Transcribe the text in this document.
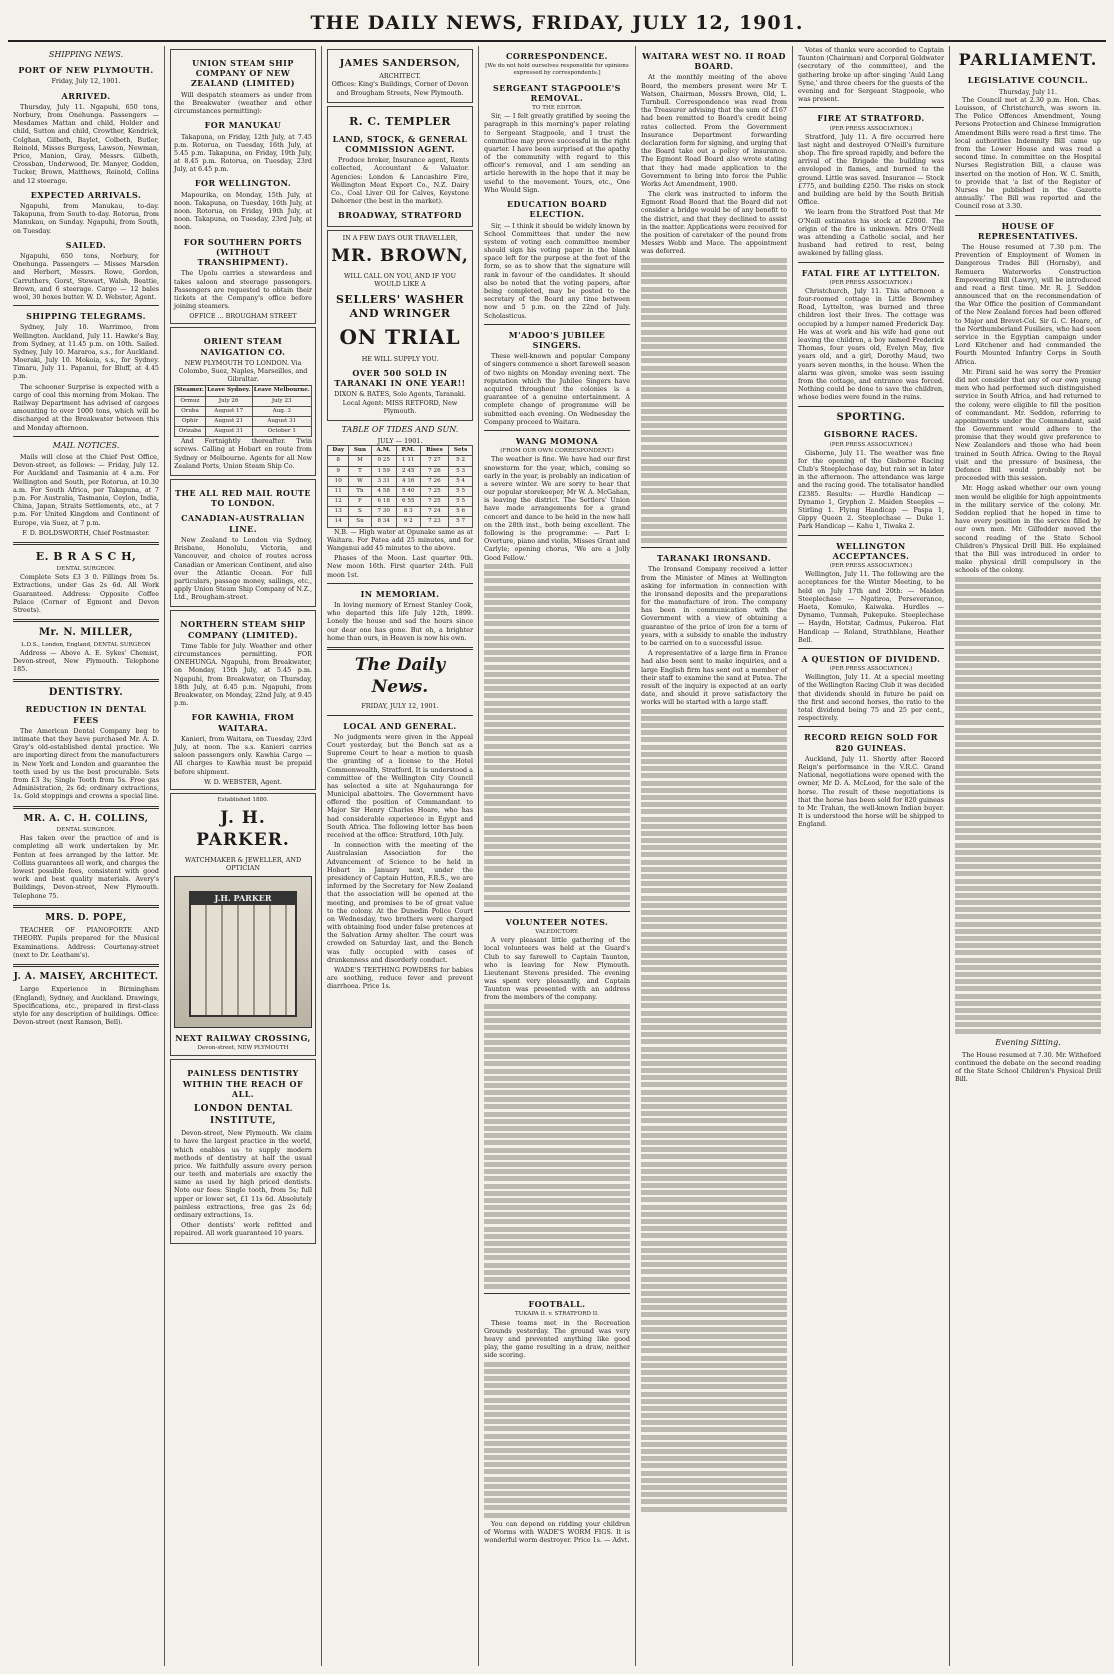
THE DAILY NEWS, FRIDAY, JULY 12, 1901.
SHIPPING NEWS.
PORT OF NEW PLYMOUTH.
Friday, July 12, 1901.
ARRIVED.

Thursday, July 11. Ngapuhi, 650 tons, Norbury, from Onehunga. Passengers — Mesdames Mattan and child, Holder and child, Sutton and child, Crowther, Kendrick, Colghan, Gilbeth, Baylet, Colbeth, Butler, Reinold, Misses Burgess, Lawson, Newman, Price, Manion, Gray, Messrs. Gilbeth, Crossban, Underwood, Dr. Manyer, Godden, Tucker, Brown, Matthews, Reinold, Collins and 12 steerage.

EXPECTED ARRIVALS.

Ngapuhi, from Manukau, to-day. Takapuna, from South to-day. Rotorua, from Manukau, on Sunday. Ngapuhi, from South, on Tuesday.

SAILED.

Ngapuhi, 650 tons, Norbury, for Onehunga. Passengers — Misses Marsden and Herbert, Messrs. Rowe, Gordon, Carruthers, Gorst, Stewart, Walsh, Beattie, Brown, and 6 steerage. Cargo — 12 bales wool, 30 boxes butter. W. D. Webster, Agent.

SHIPPING TELEGRAMS.

Sydney, July 10. Warrimoo, from Wellington. Auckland, July 11. Hawke's Bay, from Sydney, at 11.45 p.m. on 10th. Sailed. Sydney, July 10. Mararoa, s.s., for Auckland. Moeraki, July 10. Mokoia, s.s., for Sydney. Timaru, July 11. Papanui, for Bluff, at 4.45 p.m.

The schooner Surprise is expected with a cargo of coal this morning from Mokau. The Railway Department has advised of cargoes amounting to over 1000 tons, which will be discharged at the Breakwater between this and Monday afternoon.

MAIL NOTICES.

Mails will close at the Chief Post Office, Devon-street, as follows: — Friday, July 12. For Auckland and Tasmania at 4 a.m. For Wellington and South, per Rotorua, at 10.30 a.m. For South Africa, per Takapuna, at 7 p.m. For Australia, Tasmania, Ceylon, India, China, Japan, Straits Settlements, etc., at 7 p.m. For United Kingdom and Continent of Europe, via Suez, at 7 p.m.

F. D. BOLDSWORTH, Chief Postmaster.
E. B R A S C H,
DENTAL SURGEON.

Complete Sets £3 3 0. Fillings from 5s. Extractions, under Gas 2s 6d. All Work Guaranteed. Address: Opposite Coffee Palace (Corner of Egmont and Devon Streets).

Mr. N. MILLER,
L.D.S., London, England, DENTAL SURGEON

Address — Above A. E. Sykes' Chemist, Devon-street, New Plymouth. Telephone 185.

DENTISTRY.
REDUCTION IN DENTAL FEES

The American Dental Company beg to intimate that they have purchased Mr. A. D. Gray's old-established dental practice. We are importing direct from the manufacturers in New York and London and guarantee the teeth used by us the best procurable. Sets from £3 3s; Single Tooth from 5s. Free gas Administration, 2s 6d; ordinary extractions, 1s. Gold stoppings and crowns a special line.

MR. A. C. H. COLLINS,
DENTAL SURGEON.

Has taken over the practice of and is completing all work undertaken by Mr. Fenton at fees arranged by the latter. Mr. Collins guarantees all work, and charges the lowest possible fees, consistent with good work and best quality materials. Avery's Buildings, Devon-street, New Plymouth. Telephone 75.

MRS. D. POPE,

TEACHER OF PIANOFORTE AND THEORY. Pupils prepared for the Musical Examinations. Address: Courtenay-street (next to Dr. Leatham's).

J. A. MAISEY, ARCHITECT.

Large Experience in Birmingham (England), Sydney, and Auckland. Drawings, Specifications, etc., prepared in first-class style for any description of buildings. Office: Devon-street (next Ramson, Bell).

UNION STEAM SHIP COMPANY OF NEW ZEALAND (LIMITED)

Will despatch steamers as under from the Breakwater (weather and other circumstances permitting):

FOR MANUKAU

Takapuna, on Friday, 12th July, at 7.45 p.m. Rotorua, on Tuesday, 16th July, at 5.45 p.m. Takapuna, on Friday, 19th July, at 8.45 p.m. Rotorua, on Tuesday, 23rd July, at 6.45 p.m.

FOR WELLINGTON.

Mapourika, on Monday, 15th July, at noon. Takapuna, on Tuesday, 16th July, at noon. Rotorua, on Friday, 19th July, at noon. Takapuna, on Tuesday, 23rd July, at noon.

FOR SOUTHERN PORTS (WITHOUT TRANSHIPMENT).

The Upolu carries a stewardess and takes saloon and steerage passengers. Passengers are requested to obtain their tickets at the Company's office before joining steamers.

OFFICE ... BROUGHAM STREET
ORIENT STEAM NAVIGATION CO.

NEW PLYMOUTH TO LONDON. Via Colombo, Suez, Naples, Marseilles, and Gibraltar.

Steamer.	Leave Sydney.	Leave Melbourne.
Ormuz	July 26	July 23
Oruba	August 17	Aug. 3
Ophir	August 21	August 31
Orizaba	August 31	October 1

And Fortnightly thereafter. Twin screws. Calling at Hobart en route from Sydney or Melbourne. Agents for all New Zealand Ports, Union Steam Ship Co.

THE ALL RED MAIL ROUTE TO LONDON.
CANADIAN-AUSTRALIAN LINE.

New Zealand to London via Sydney, Brisbane, Honolulu, Victoria, and Vancouver, and choice of routes across Canadian or American Continent, and also over the Atlantic Ocean. For full particulars, passage money, sailings, etc., apply Union Steam Ship Company of N.Z., Ltd., Brougham-street.

NORTHERN STEAM SHIP COMPANY (LIMITED).

Time Table for July. Weather and other circumstances permitting. FOR ONEHUNGA. Ngapuhi, from Breakwater, on Monday, 15th July, at 5.45 p.m. Ngapuhi, from Breakwater, on Thursday, 18th July, at 6.45 p.m. Ngapuhi, from Breakwater, on Monday, 22nd July, at 9.45 p.m.

FOR KAWHIA, FROM WAITARA.

Kanieri, from Waitara, on Tuesday, 23rd July, at noon. The s.s. Kanieri carries saloon passengers only. Kawhia Cargo — All charges to Kawhia must be prepaid before shipment.

W. D. WEBSTER, Agent.
Established 1880.
J. H. PARKER.
WATCHMAKER & JEWELLER, AND OPTICIAN
J.H. PARKER
NEXT RAILWAY CROSSING,
Devon-street, NEW PLYMOUTH
PAINLESS DENTISTRY WITHIN THE REACH OF ALL.
LONDON DENTAL INSTITUTE,

Devon-street, New Plymouth. We claim to have the largest practice in the world, which enables us to supply modern methods of dentistry at half the usual price. We faithfully assure every person our teeth and materials are exactly the same as used by high priced dentists. Note our fees: Single tooth, from 5s; full upper or lower set, £1 11s 6d. Absolutely painless extractions, free gas 2s 6d; ordinary extractions, 1s.

Other dentists' work refitted and repaired. All work guaranteed 10 years.

JAMES SANDERSON,
ARCHITECT.

Offices: King's Buildings, Corner of Devon and Brougham Streets, New Plymouth.

R. C. TEMPLER
LAND, STOCK, & GENERAL COMMISSION AGENT.

Produce broker, Insurance agent, Rents collected, Accountant & Valuator. Agencies: London & Lancashire Fire, Wellington Meat Export Co., N.Z. Dairy Co., Coal Liver Oil for Calves, Keystone Dehorner (the best in the market).

BROADWAY, STRATFORD
IN A FEW DAYS OUR TRAVELLER,
MR. BROWN,
WILL CALL ON YOU, AND IF YOU WOULD LIKE A
SELLERS' WASHER AND WRINGER
ON TRIAL
HE WILL SUPPLY YOU.
OVER 500 SOLD IN TARANAKI IN ONE YEAR!!

DIXON & BATES, Sole Agents, Taranaki. Local Agent: MISS RETFORD, New Plymouth.

TABLE OF TIDES AND SUN.
JULY — 1901.
Day	Sun	A.M.	P.M.	Rises	Sets
8	M	0 25	1 11	7 27	5 2
9	T	1 59	2 45	7 26	5 3
10	W	3 31	4 16	7 26	5 4
11	Th	4 58	5 40	7 25	5 5
12	F	6 18	6 55	7 25	5 5
13	S	7 30	8 3	7 24	5 6
14	Su	8 34	9 2	7 23	5 7

N.B. — High water at Opunake same as at Waitara. For Patea add 25 minutes, and for Wanganui add 45 minutes to the above.

Phases of the Moon. Last quarter 9th. New moon 16th. First quarter 24th. Full moon 1st.

IN MEMORIAM.

In loving memory of Ernest Stanley Cook, who departed this life July 12th, 1899. Lonely the house and sad the hours since our dear one has gone. But oh, a brighter home than ours, in Heaven is now his own.

The Daily News.
FRIDAY, JULY 12, 1901.
LOCAL AND GENERAL.

No judgments were given in the Appeal Court yesterday, but the Bench sat as a Supreme Court to hear a motion to quash the granting of a license to the Hotel Commonwealth, Stratford. It is understood a committee of the Wellington City Council has selected a site at Ngahauranga for Municipal abattoirs. The Government have offered the position of Commandant to Major Sir Henry Charles Hoare, who has had considerable experience in Egypt and South Africa. The following letter has been received at the office: Stratford, 10th July.

In connection with the meeting of the Australasian Association for the Advancement of Science to be held in Hobart in January next, under the presidency of Captain Hutton, F.R.S., we are informed by the Secretary for New Zealand that the association will be opened at the meeting, and promises to be of great value to the colony. At the Dunedin Police Court on Wednesday, two brothers were charged with obtaining food under false pretences at the Salvation Army shelter. The court was crowded on Saturday last, and the Bench was fully occupied with cases of drunkenness and disorderly conduct.

WADE'S TEETHING POWDERS for babies are soothing, reduce fever and prevent diarrhoea. Price 1s.

CORRESPONDENCE.

[We do not hold ourselves responsible for opinions expressed by correspondents.]

SERGEANT STAGPOOLE'S REMOVAL.
TO THE EDITOR.

Sir, — I felt greatly gratified by seeing the paragraph in this morning's paper relating to Sergeant Stagpoole, and I trust the committee may prove successful in the right quarter. I have been surprised at the apathy of the community with regard to this officer's removal, and I am sending an article herewith in the hope that it may be useful to the movement. Yours, etc., One Who Would Sign.

EDUCATION BOARD ELECTION.

Sir, — I think it should be widely known by School Committees that under the new system of voting each committee member should sign his voting paper in the blank space left for the purpose at the foot of the form, so as to show that the signature will rank in favour of the candidates. It should also be noted that the voting papers, after being completed, may be posted to the secretary of the Board any time between now and 5 p.m. on the 22nd of July. Scholasticus.

M'ADOO'S JUBILEE SINGERS.

These well-known and popular Company of singers commence a short farewell season of two nights on Monday evening next. The reputation which the Jubilee Singers have acquired throughout the colonies is a guarantee of a genuine entertainment. A complete change of programme will be submitted each evening. On Wednesday the Company proceed to Waitara.

WANG MOMONA
(FROM OUR OWN CORRESPONDENT.)

The weather is fine. We have had our first snowstorm for the year, which, coming so early in the year, is probably an indication of a severe winter. We are sorry to hear that our popular storekeeper, Mr W. A. McGahan, is leaving the district. The Settlers' Union have made arrangements for a grand concert and dance to be held in the new hall on the 28th inst., both being excellent. The following is the programme: — Part I: Overture, piano and violin, Misses Grant and Carlyle; opening chorus, 'We are a Jolly Good Fellow.'

VOLUNTEER NOTES.
VALEDICTORY.

A very pleasant little gathering of the local volunteers was held at the Guard's Club to say farewell to Captain Taunton, who is leaving for New Plymouth. Lieutenant Stevens presided. The evening was spent very pleasantly, and Captain Taunton was presented with an address from the members of the company.

FOOTBALL.
TUKAPA II. v. STRATFORD II.

These teams met in the Recreation Grounds yesterday. The ground was very heavy and prevented anything like good play, the game resulting in a draw, neither side scoring.

You can depend on ridding your children of Worms with WADE'S WORM FIGS. It is wonderful worm destroyer. Price 1s. — Advt.

WAITARA WEST NO. II ROAD BOARD.

At the monthly meeting of the above Board, the members present were Mr T. Watson, Chairman, Messrs Brown, Old, L. Turnbull. Correspondence was read from the Treasurer advising that the sum of £167 had been remitted to Board's credit being rates collected. From the Government Insurance Department forwarding declaration form for signing, and urging that the Board take out a policy of insurance. The Egmont Road Board also wrote stating that they had made application to the Government to bring into force the Public Works Act Amendment, 1900.

The clerk was instructed to inform the Egmont Road Board that the Board did not consider a bridge would be of any benefit to the district, and that they declined to assist in the matter. Applications were received for the position of caretaker of the pound from Messrs Webb and Mace. The appointment was deferred.

TARANAKI IRONSAND.

The Ironsand Company received a letter from the Minister of Mines at Wellington asking for information in connection with the ironsand deposits and the preparations for the manufacture of iron. The company has been in communication with the Government with a view of obtaining a guarantee of the price of iron for a term of years, with a subsidy to enable the industry to be carried on to a successful issue.

A representative of a large firm in France had also been sent to make inquiries, and a large English firm has sent out a member of their staff to examine the sand at Patea. The result of the inquiry is expected at an early date, and should it prove satisfactory the works will be started with a large staff.

Votes of thanks were accorded to Captain Taunton (Chairman) and Corporal Goldwater (secretary of the committee), and the gathering broke up after singing 'Auld Lang Syne,' and three cheers for the guests of the evening and for Sergeant Stagpoole, who was present.

FIRE AT STRATFORD.
(PER PRESS ASSOCIATION.)

Stratford, July 11. A fire occurred here last night and destroyed O'Neill's furniture shop. The fire spread rapidly, and before the arrival of the Brigade the building was enveloped in flames, and burned to the ground. Little was saved. Insurance — Stock £775, and building £250. The risks on stock and building are held by the South British Office.

We learn from the Stratford Post that Mr O'Neill estimates his stock at £2000. The origin of the fire is unknown. Mrs O'Neill was attending a Catholic social, and her husband had retired to rest, being awakened by falling glass.

FATAL FIRE AT LYTTELTON.
(PER PRESS ASSOCIATION.)

Christchurch, July 11. This afternoon a four-roomed cottage in Little Bowmbey Road, Lyttelton, was burned and three children lost their lives. The cottage was occupied by a lumper named Frederick Day. He was at work and his wife had gone out leaving the children, a boy named Frederick Thomas, four years old, Evelyn May, five years old, and a girl, Dorothy Maud, two years seven months, in the house. When the alarm was given, smoke was seen issuing from the cottage, and entrance was forced. Nothing could be done to save the children, whose bodies were found in the ruins.

SPORTING.
GISBORNE RACES.
(PER PRESS ASSOCIATION.)

Gisborne, July 11. The weather was fine for the opening of the Gisborne Racing Club's Steeplechase day, but rain set in later in the afternoon. The attendance was large and the racing good. The totalisator handled £2385. Results: — Hurdle Handicap — Dynamo 1, Gryphon 2. Maiden Steeples — Stirling 1. Flying Handicap — Paspa 1, Gippy Queen 2. Steeplechase — Duke 1. Park Handicap — Kahu 1, Tiwaka 2.

WELLINGTON ACCEPTANCES.
(PER PRESS ASSOCIATION.)

Wellington, July 11. The following are the acceptances for the Winter Meeting, to be held on July 17th and 20th: — Maiden Steeplechase — Ngatiroa, Perseverance, Haeta, Komuko, Kaiwaka. Hurdles — Dynamo, Tunmah, Pukepuke. Steeplechase — Haydn, Hotstar, Cadmus, Pukeroa. Flat Handicap — Roland, Strathblane, Heather Bell.

A QUESTION OF DIVIDEND.
(PER PRESS ASSOCIATION.)

Wellington, July 11. At a special meeting of the Wellington Racing Club it was decided that dividends should in future be paid on the first and second horses, the ratio to the total dividend being 75 and 25 per cent., respectively.

RECORD REIGN SOLD FOR 820 GUINEAS.

Auckland, July 11. Shortly after Record Reign's performance in the V.R.C. Grand National, negotiations were opened with the owner, Mr D. A. McLeod, for the sale of the horse. The result of these negotiations is that the horse has been sold for 820 guineas to Mr. Trahan, the well-known Indian buyer. It is understood the horse will be shipped to England.

PARLIAMENT.
LEGISLATIVE COUNCIL.
Thursday, July 11.

The Council met at 2.30 p.m. Hon. Chas. Louisson, of Christchurch, was sworn in. The Police Offences Amendment, Young Persons Protection and Chinese Immigration Amendment Bills were read a first time. The local authorities Indemnity Bill came up from the Lower House and was read a second time. In committee on the Hospital Nurses Registration Bill, a clause was inserted on the motion of Hon. W. C. Smith, to provide that 'a list of the Register of Nurses be published in the Gazette annually.' The Bill was reported and the Council rose at 3.30.

HOUSE OF REPRESENTATIVES.

The House resumed at 7.30 p.m. The Prevention of Employment of Women in Dangerous Trades Bill (Hornsby), and Remuera Waterworks Construction Empowering Bill (Lawry), will be introduced and read a first time. Mr. R. J. Seddon announced that on the recommendation of the War Office the position of Commandant of the New Zealand forces had been offered to Major and Brevet-Col. Sir G. C. Hoare, of the Northumberland Fusiliers, who had seen service in the Egyptian campaign under Lord Kitchener and had commanded the Fourth Mounted Infantry Corps in South Africa.

Mr. Pirani said he was sorry the Premier did not consider that any of our own young men who had performed such distinguished service in South Africa, and had returned to the colony, were eligible to fill the position of commandant. Mr. Seddon, referring to appointments under the Commandant, said the Government would adhere to the promise that they would give preference to New Zealanders and those who had been trained in South Africa. Owing to the Royal visit and the pressure of business, the Defence Bill would probably not be proceeded with this session.

Mr. Hogg asked whether our own young men would be eligible for high appointments in the military service of the colony. Mr. Seddon replied that he hoped in time to have every position in the service filled by our own men. Mr. Gilfedder moved the second reading of the State School Children's Physical Drill Bill. He explained that the Bill was introduced in order to make physical drill compulsory in the schools of the colony.

Evening Sitting.

The House resumed at 7.30. Mr. Witheford continued the debate on the second reading of the State School Children's Physical Drill Bill.
